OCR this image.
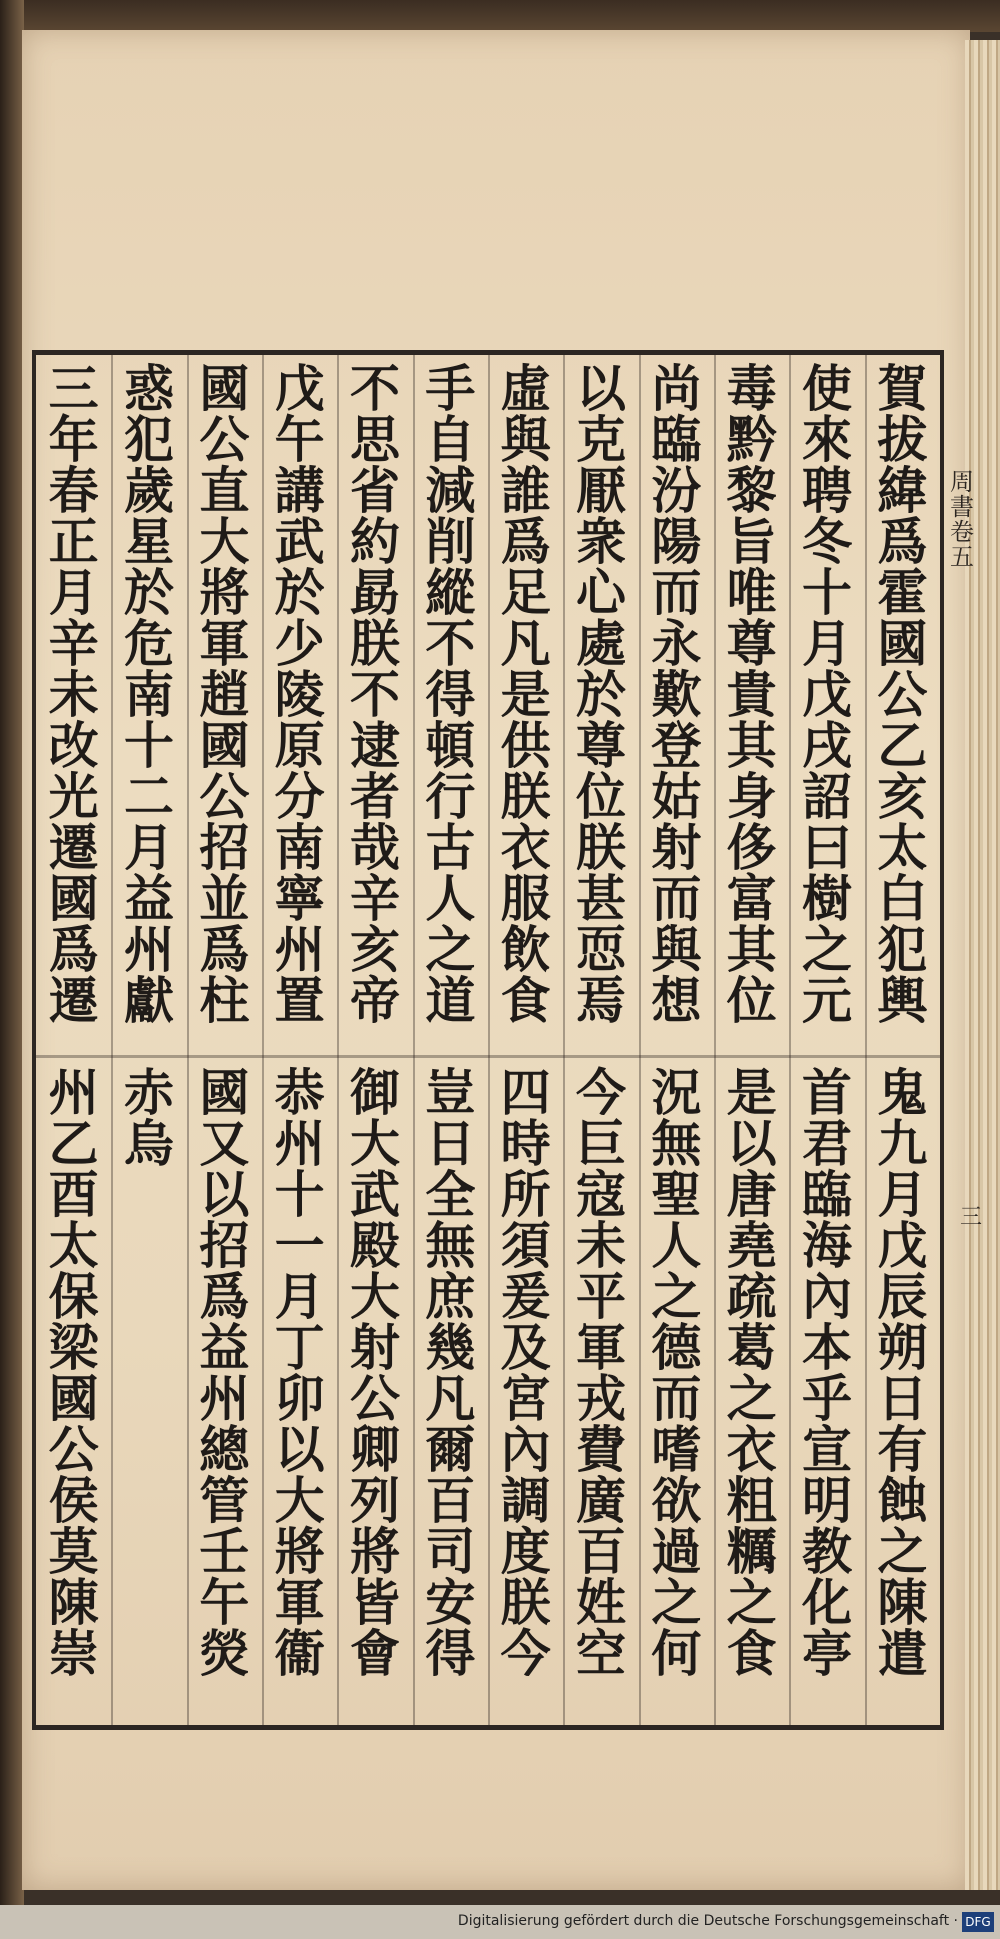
賀
拔
緯
爲
霍
國
公
乙
亥
太
白
犯
輿
鬼
九
月
戊
辰
朔
日
有
蝕
之
陳
遣
使
來
聘
冬
十
月
戊
戌
詔
曰
樹
之
元
首
君
臨
海
內
本
乎
宣
明
教
化
亭
毒
黔
黎
旨
唯
尊
貴
其
身
侈
富
其
位
是
以
唐
堯
疏
葛
之
衣
粗
糲
之
食
尚
臨
汾
陽
而
永
歎
登
姑
射
而
與
想
況
無
聖
人
之
德
而
嗜
欲
過
之
何
以
克
厭
衆
心
處
於
尊
位
朕
甚
恧
焉
今
巨
寇
未
平
軍
戎
費
廣
百
姓
空
虛
與
誰
爲
足
凡
是
供
朕
衣
服
飲
食
四
時
所
須
爰
及
宮
內
調
度
朕
今
手
自
減
削
縱
不
得
頓
行
古
人
之
道
豈
日
全
無
庶
幾
凡
爾
百
司
安
得
不
思
省
約
勗
朕
不
逮
者
哉
辛
亥
帝
御
大
武
殿
大
射
公
卿
列
將
皆
會
戊
午
講
武
於
少
陵
原
分
南
寧
州
置
恭
州
十
一
月
丁
卯
以
大
將
軍
衞
國
公
直
大
將
軍
趙
國
公
招
並
爲
柱
國
又
以
招
爲
益
州
總
管
壬
午
熒
惑
犯
歲
星
於
危
南
十
二
月
益
州
獻
赤
烏
三
年
春
正
月
辛
未
改
光
遷
國
爲
遷
州
乙
酉
太
保
梁
國
公
侯
莫
陳
崇
周
書
卷
五
三
Digitalisierung gefördert durch die Deutsche Forschungsgemeinschaft · DFG
